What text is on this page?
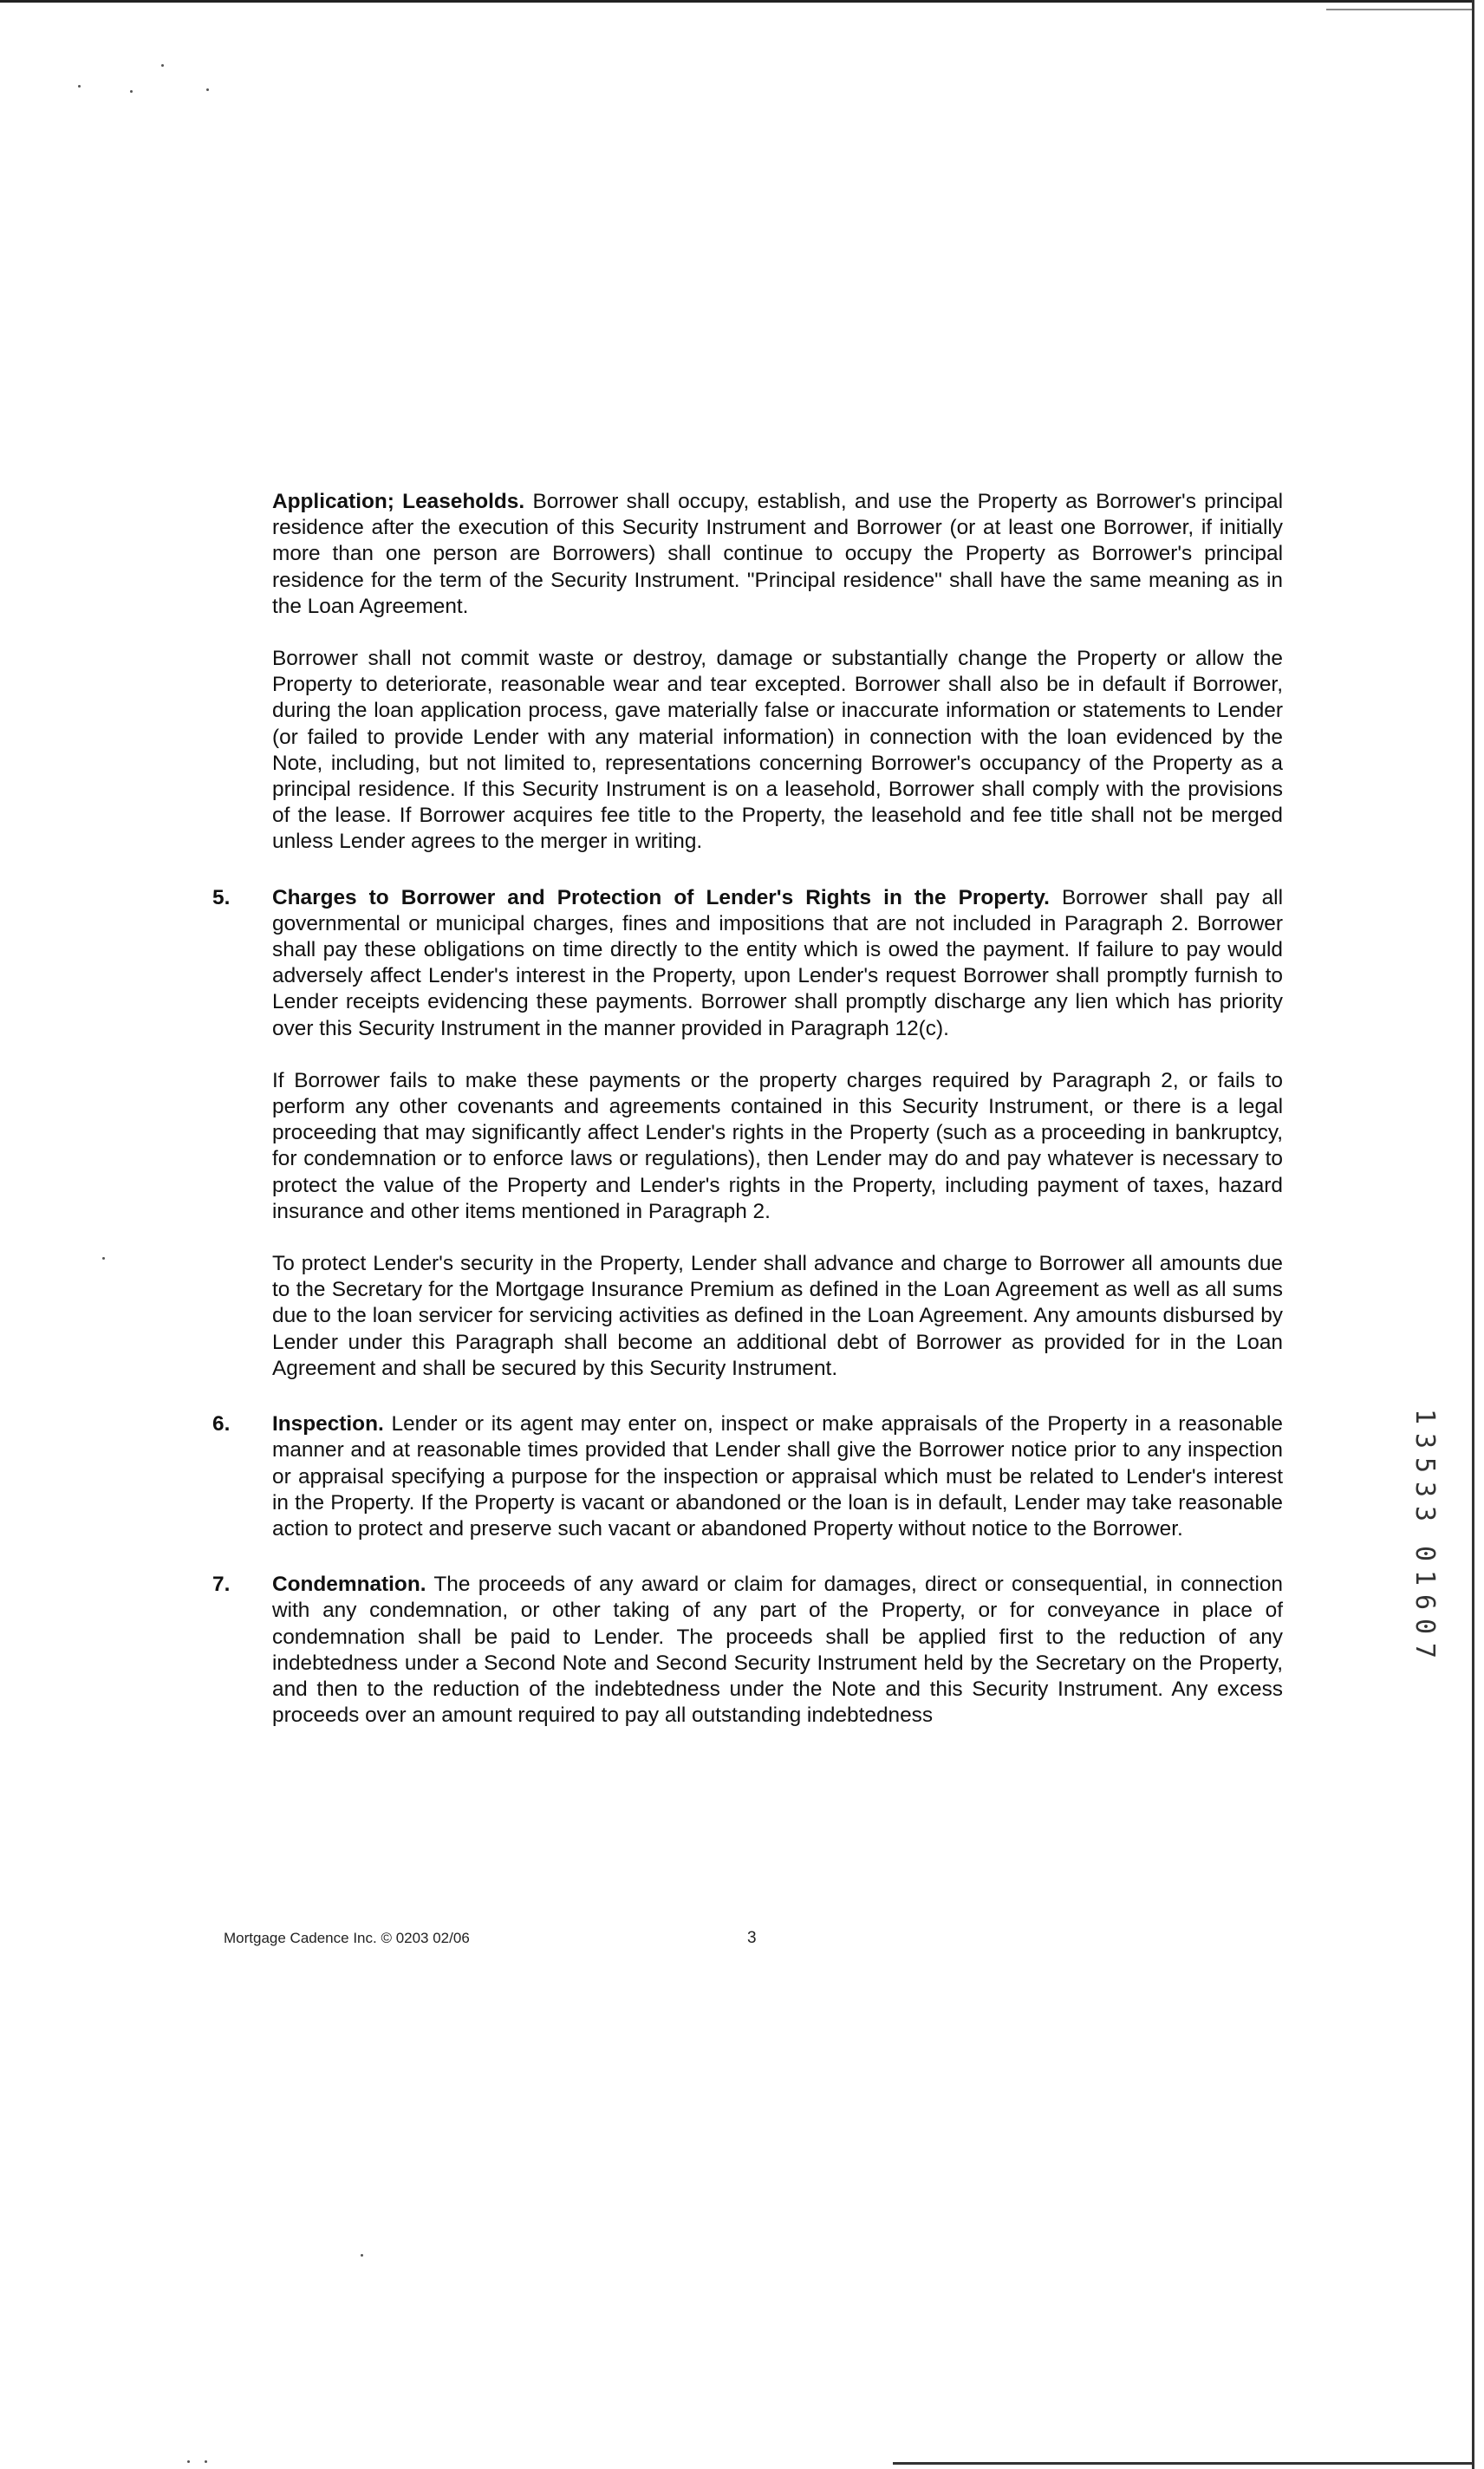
Application; Leaseholds. Borrower shall occupy, establish, and use the Property as Borrower's principal residence after the execution of this Security Instrument and Borrower (or at least one Borrower, if initially more than one person are Borrowers) shall continue to occupy the Property as Borrower's principal residence for the term of the Security Instrument. "Principal residence" shall have the same meaning as in the Loan Agreement.

Borrower shall not commit waste or destroy, damage or substantially change the Property or allow the Property to deteriorate, reasonable wear and tear excepted. Borrower shall also be in default if Borrower, during the loan application process, gave materially false or inaccurate information or statements to Lender (or failed to provide Lender with any material information) in connection with the loan evidenced by the Note, including, but not limited to, representations concerning Borrower's occupancy of the Property as a principal residence. If this Security Instrument is on a leasehold, Borrower shall comply with the provisions of the lease. If Borrower acquires fee title to the Property, the leasehold and fee title shall not be merged unless Lender agrees to the merger in writing.

5. Charges to Borrower and Protection of Lender's Rights in the Property. Borrower shall pay all governmental or municipal charges, fines and impositions that are not included in Paragraph 2. Borrower shall pay these obligations on time directly to the entity which is owed the payment. If failure to pay would adversely affect Lender's interest in the Property, upon Lender's request Borrower shall promptly furnish to Lender receipts evidencing these payments. Borrower shall promptly discharge any lien which has priority over this Security Instrument in the manner provided in Paragraph 12(c).

If Borrower fails to make these payments or the property charges required by Paragraph 2, or fails to perform any other covenants and agreements contained in this Security Instrument, or there is a legal proceeding that may significantly affect Lender's rights in the Property (such as a proceeding in bankruptcy, for condemnation or to enforce laws or regulations), then Lender may do and pay whatever is necessary to protect the value of the Property and Lender's rights in the Property, including payment of taxes, hazard insurance and other items mentioned in Paragraph 2.

To protect Lender's security in the Property, Lender shall advance and charge to Borrower all amounts due to the Secretary for the Mortgage Insurance Premium as defined in the Loan Agreement as well as all sums due to the loan servicer for servicing activities as defined in the Loan Agreement. Any amounts disbursed by Lender under this Paragraph shall become an additional debt of Borrower as provided for in the Loan Agreement and shall be secured by this Security Instrument.

6. Inspection. Lender or its agent may enter on, inspect or make appraisals of the Property in a reasonable manner and at reasonable times provided that Lender shall give the Borrower notice prior to any inspection or appraisal specifying a purpose for the inspection or appraisal which must be related to Lender's interest in the Property. If the Property is vacant or abandoned or the loan is in default, Lender may take reasonable action to protect and preserve such vacant or abandoned Property without notice to the Borrower.

7. Condemnation. The proceeds of any award or claim for damages, direct or consequential, in connection with any condemnation, or other taking of any part of the Property, or for conveyance in place of condemnation shall be paid to Lender. The proceeds shall be applied first to the reduction of any indebtedness under a Second Note and Second Security Instrument held by the Secretary on the Property, and then to the reduction of the indebtedness under the Note and this Security Instrument. Any excess proceeds over an amount required to pay all outstanding indebtedness

Mortgage Cadence Inc. © 0203 02/06	3
1
3
5
3
3
0
1
6
0
7
